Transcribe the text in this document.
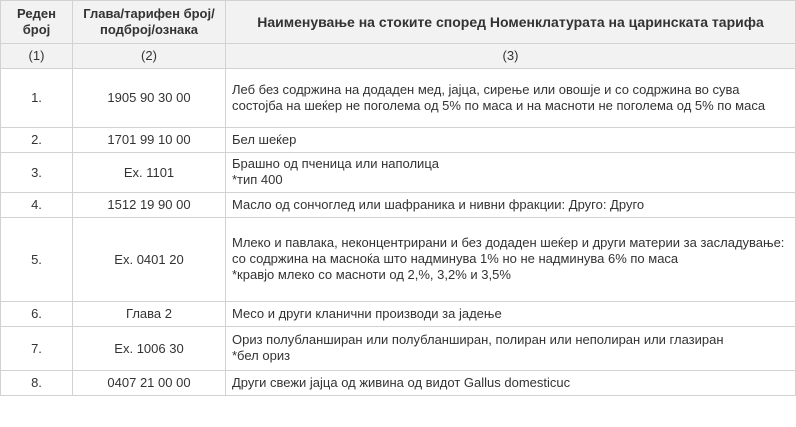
Реден
број	Глава/тарифен број/
подброј/ознака	Наименување на стоките според Номенклатурата на царинската тарифа
(1)	(2)	(3)
1.	1905 90 30 00	Леб без содржина на додаден мед, јајца, сирење или овошје и со содржина во сува состојба на шеќер не поголема од 5% по маса и на масноти не поголема од 5% по маса

2.	1701 99 10 00	Бел шеќер

3.	Ex. 1101	Брашно од пченица или наполица
*тип 400

4.	1512 19 90 00	Масло од сончоглед или шафраника и нивни фракции: Друго: Друго

5.	Ex. 0401 20	Млеко и павлака, неконцентрирани и без додаден шеќер и други материи за засладување: со содржина на масноќа што надминува 1% но не надминува 6% по маса
*кравјо млеко со масноти од 2,%, 3,2% и 3,5%

6.	Глава 2	Месо и други кланични производи за јадење

7.	Ex. 1006 30	Ориз полубланширан или полубланширан, полиран или неполиран или глазиран
*бел ориз

8.	0407 21 00 00	Други свежи јајца од живина од видот Gallus domesticuc
